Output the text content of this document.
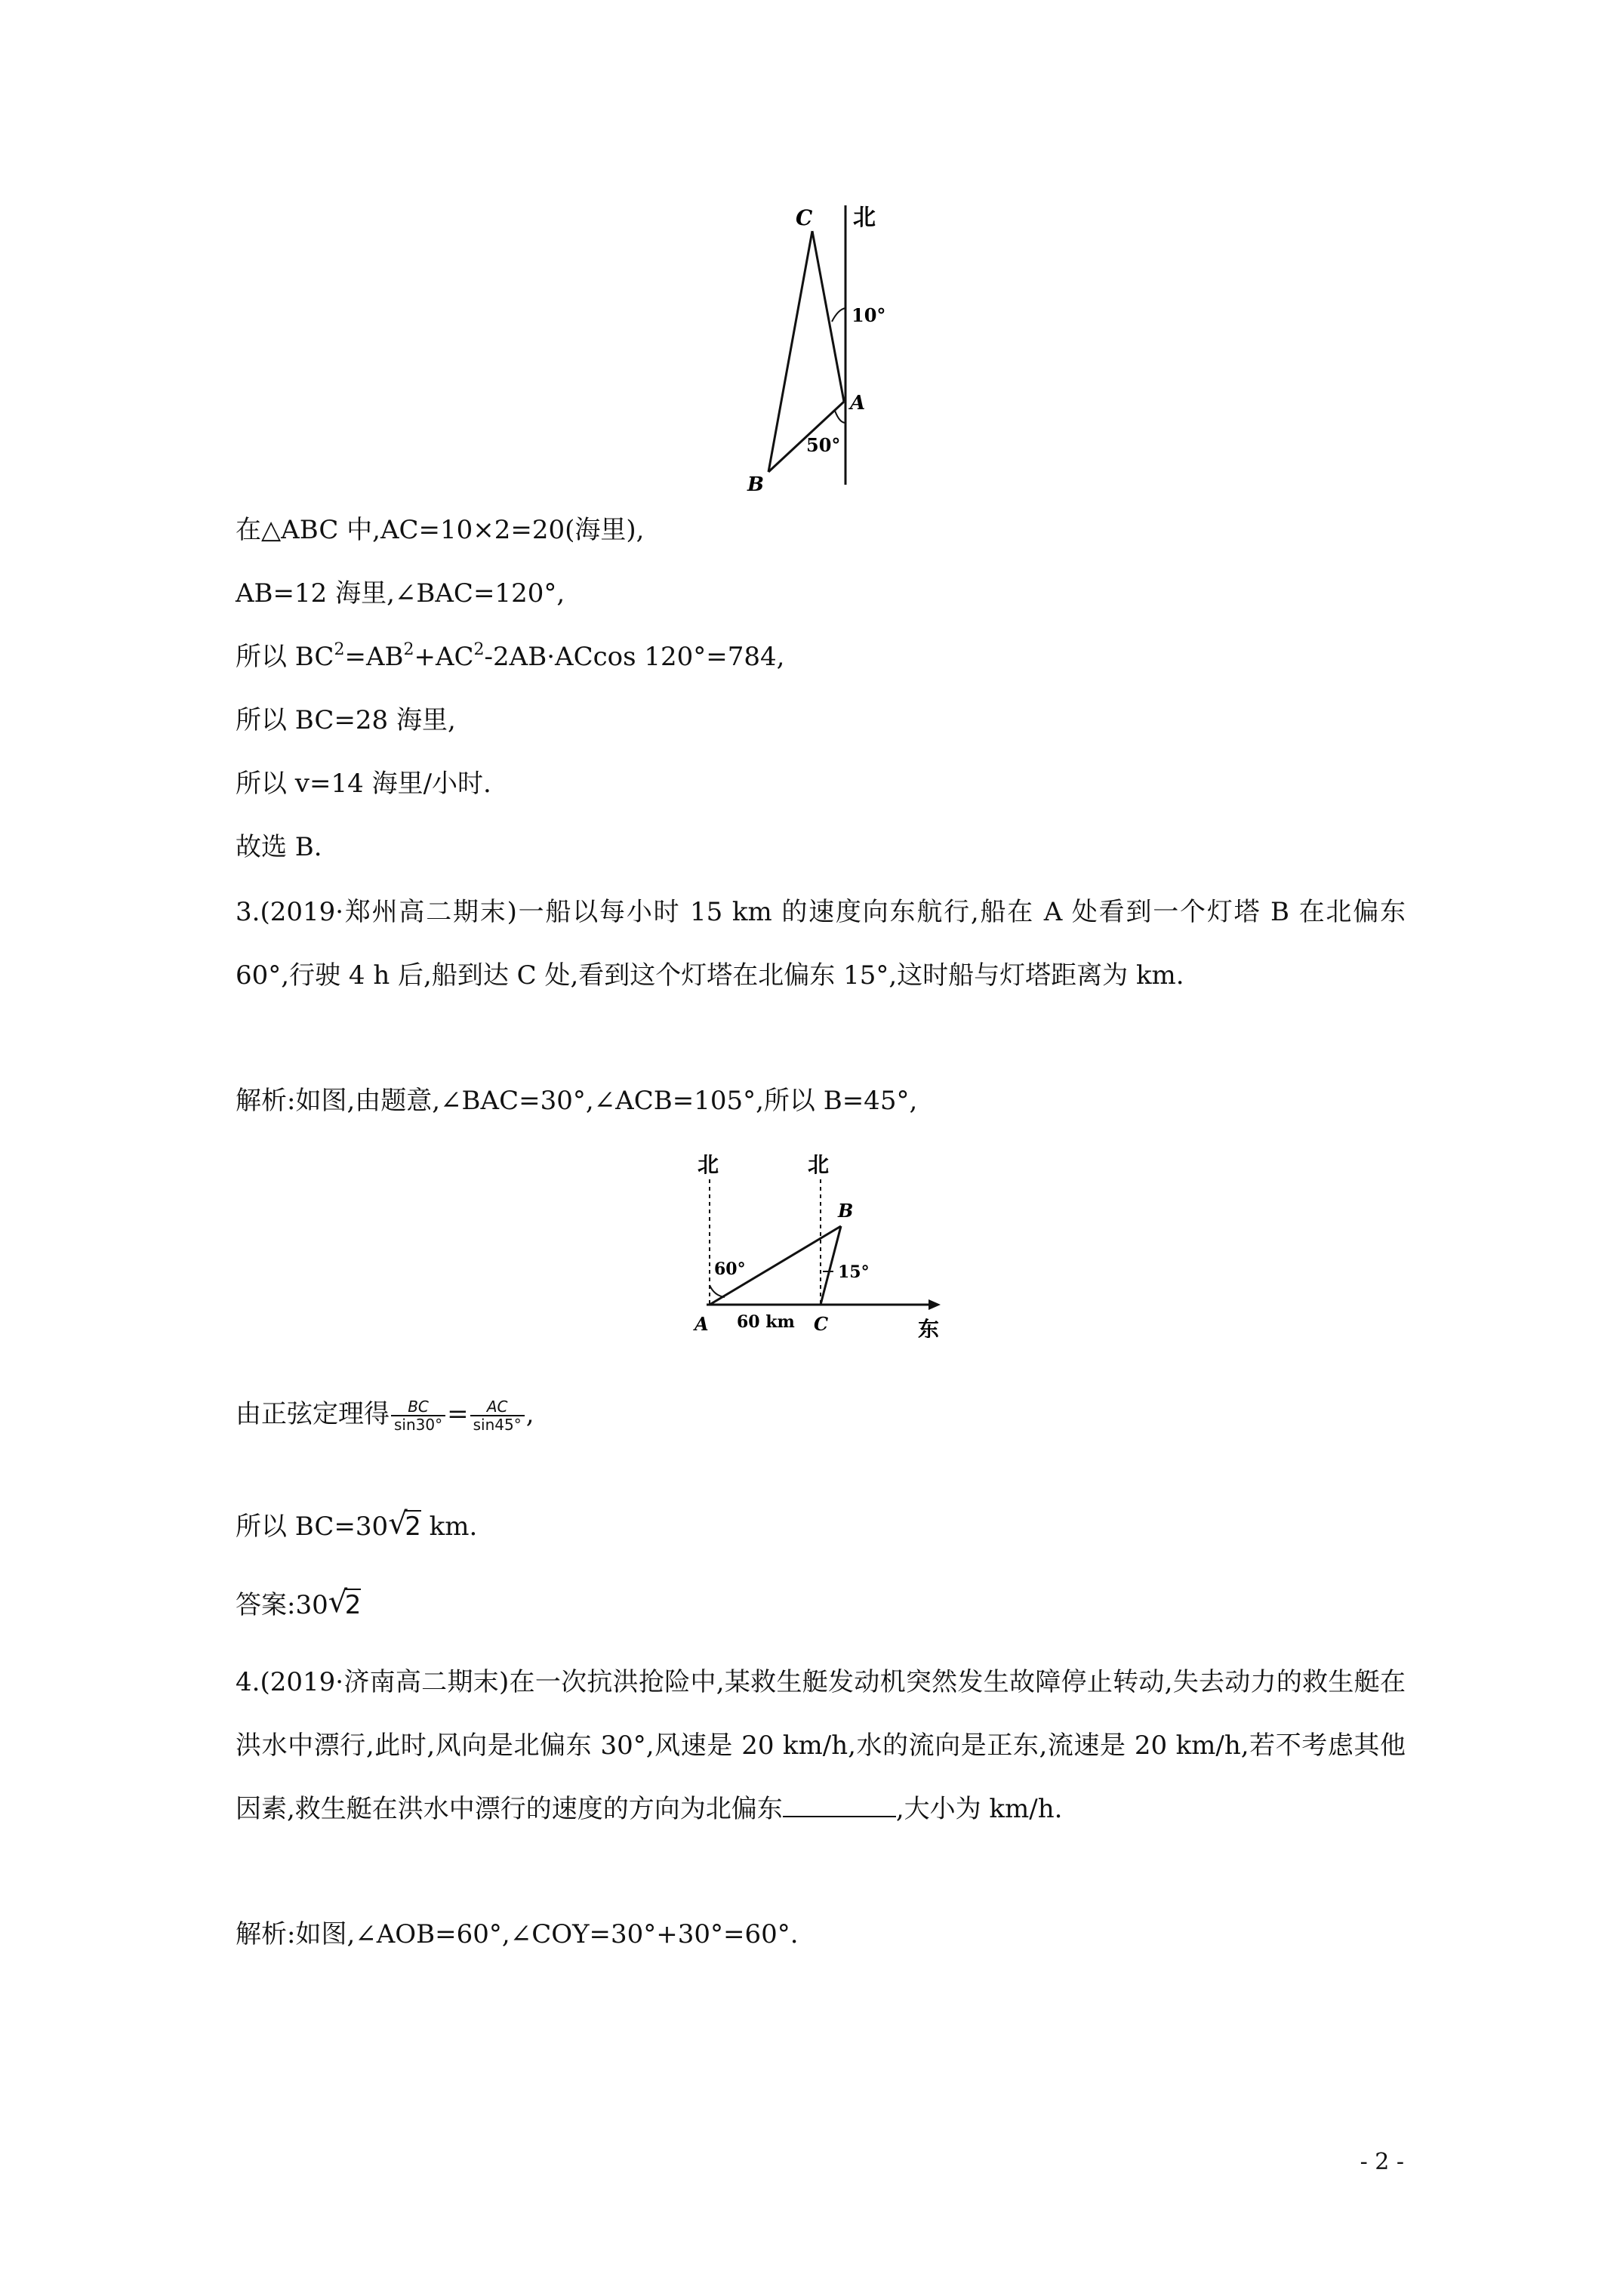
C 北
10°
A
50°
B
在△ABC 中,AC=10×2=20(海里),
AB=12 海里,∠BAC=120°,
所以 $BC^2=AB^2+AC^2-2AB\cdot ACcos$ 120°=784,
所以 BC=28 海里,
所以 v=14 海里/小时.
故选 B.
3.(2019·郑州高二期末)一船以每小时 15 km 的速度向东航行,船在 A 处看到一个灯塔 B 在北偏东 60°,行驶 4 h 后,船到达 C 处,看到这个灯塔在北偏东 15°,这时船与灯塔距离为 km.
解析:如图,由题意,∠BAC=30°,∠ACB=105°,所以 B=45°,
北	北
B
60°	15°
A 60 km C	东
由正弦定理得 $\frac{BC}{\sin 30^\circ} = \frac{AC}{\sin 45^\circ}$ ,
所以 BC=30 √
2 km.
答案:30 √
2
4.(2019·济南高二期末)在一次抗洪抢险中,某救生艇发动机突然发生故障停止转动,失去动力的救生艇在洪水中漂行,此时,风向是北偏东 30°,风速是 20 km/h,水的流向是正东,流速是 20 km/h,若不考虑其他因素,救生艇在洪水中漂行的速度的方向为北偏东	,大小为 km/h.
解析:如图,∠AOB=60°,∠COY=30°+30°=60°.
- 2 -
